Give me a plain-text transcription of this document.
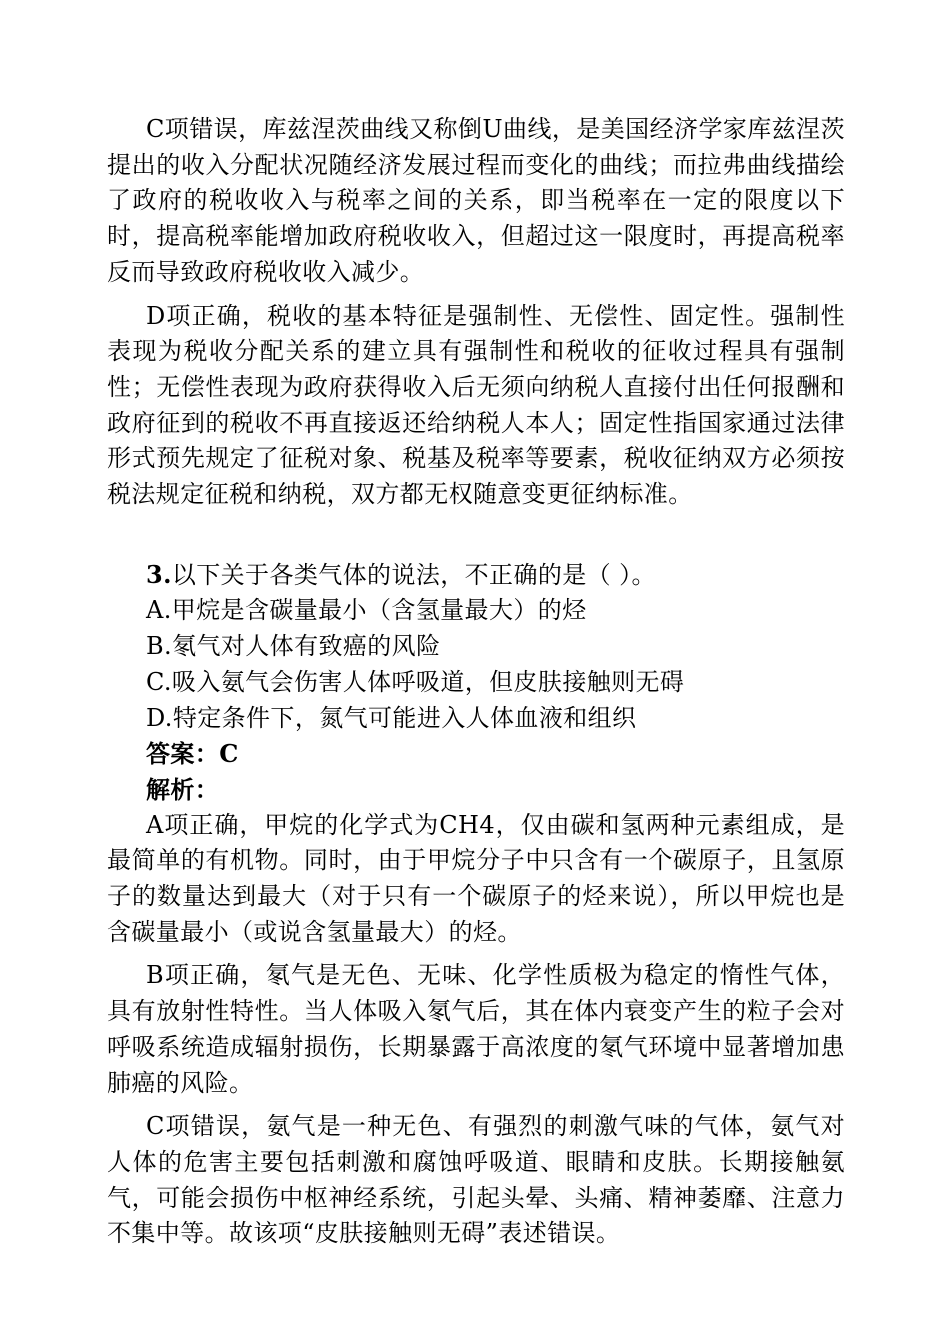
C项错误，库兹涅茨曲线又称倒U曲线，是美国经济学家库兹涅茨提出的收入分配状况随经济发展过程而变化的曲线；而拉弗曲线描绘了政府的税收收入与税率之间的关系，即当税率在一定的限度以下时，提高税率能增加政府税收收入，但超过这一限度时，再提高税率反而导致政府税收收入减少。

D项正确，税收的基本特征是强制性、无偿性、固定性。强制性表现为税收分配关系的建立具有强制性和税收的征收过程具有强制性；无偿性表现为政府获得收入后无须向纳税人直接付出任何报酬和政府征到的税收不再直接返还给纳税人本人；固定性指国家通过法律形式预先规定了征税对象、税基及税率等要素，税收征纳双方必须按税法规定征税和纳税，双方都无权随意变更征纳标准。

3.以下关于各类气体的说法，不正确的是（ ）。

A.甲烷是含碳量最小（含氢量最大）的烃

B.氡气对人体有致癌的风险

C.吸入氨气会伤害人体呼吸道，但皮肤接触则无碍

D.特定条件下，氮气可能进入人体血液和组织

答案：C

解析：

A项正确，甲烷的化学式为CH4，仅由碳和氢两种元素组成，是最简单的有机物。同时，由于甲烷分子中只含有一个碳原子，且氢原子的数量达到最大（对于只有一个碳原子的烃来说），所以甲烷也是含碳量最小（或说含氢量最大）的烃。

B项正确，氡气是无色、无味、化学性质极为稳定的惰性气体，具有放射性特性。当人体吸入氡气后，其在体内衰变产生的粒子会对呼吸系统造成辐射损伤，长期暴露于高浓度的氡气环境中显著增加患肺癌的风险。

C项错误，氨气是一种无色、有强烈的刺激气味的气体，氨气对人体的危害主要包括刺激和腐蚀呼吸道、眼睛和皮肤。长期接触氨气，可能会损伤中枢神经系统，引起头晕、头痛、精神萎靡、注意力不集中等。故该项“皮肤接触则无碍”表述错误。
